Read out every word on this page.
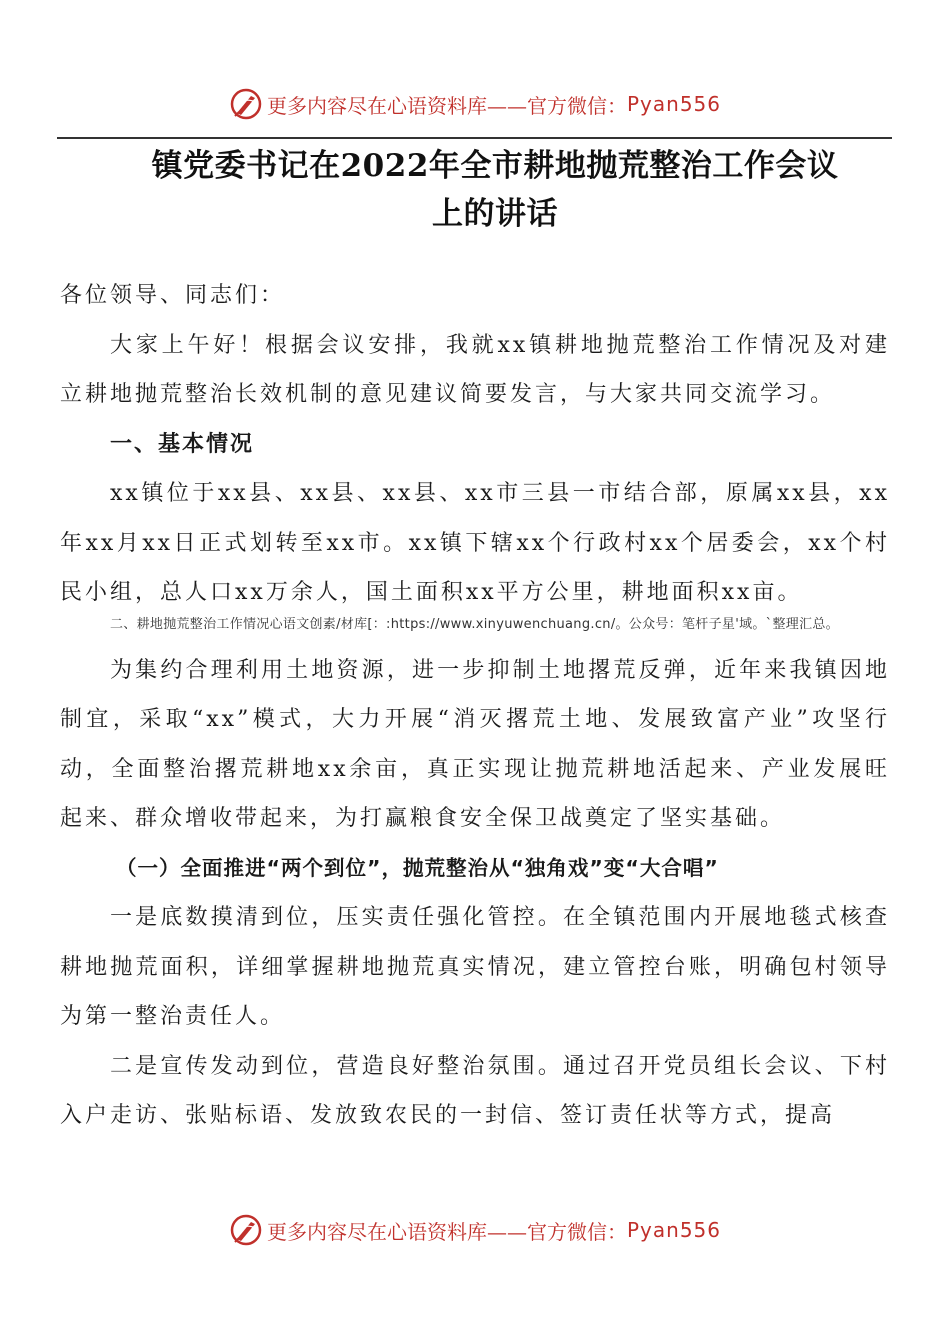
更多内容尽在心语资料库——官方微信： Pyan556
镇党委书记在2022年全市耕地抛荒整治工作会议
上的讲话

各位领导、同志们：

大家上午好！根据会议安排，我就xx镇耕地抛荒整治工作情况及对建立耕地抛荒整治长效机制的意见建议简要发言，与大家共同交流学习。

一、基本情况

xx镇位于xx县、xx县、xx县、xx市三县一市结合部，原属xx县，xx年xx月xx日正式划转至xx市。xx镇下辖xx个行政村xx个居委会，xx个村民小组，总人口xx万余人，国土面积xx平方公里，耕地面积xx亩。

二、耕地抛荒整治工作情况心语文创素/材库[：:https://www.xinyuwenchuang.cn/。公众号：笔杆子星'域。`整理汇总。

为集约合理利用土地资源，进一步抑制土地撂荒反弹，近年来我镇因地制宜，采取“xx”模式，大力开展“消灭撂荒土地、发展致富产业”攻坚行动，全面整治撂荒耕地xx余亩，真正实现让抛荒耕地活起来、产业发展旺起来、群众增收带起来，为打赢粮食安全保卫战奠定了坚实基础。

（一）全面推进“两个到位”，抛荒整治从“独角戏”变“大合唱”

一是底数摸清到位，压实责任强化管控。在全镇范围内开展地毯式核查耕地抛荒面积，详细掌握耕地抛荒真实情况，建立管控台账，明确包村领导为第一整治责任人。

二是宣传发动到位，营造良好整治氛围。通过召开党员组长会议、下村入户走访、张贴标语、发放致农民的一封信、签订责任状等方式，提高

更多内容尽在心语资料库——官方微信： Pyan556
